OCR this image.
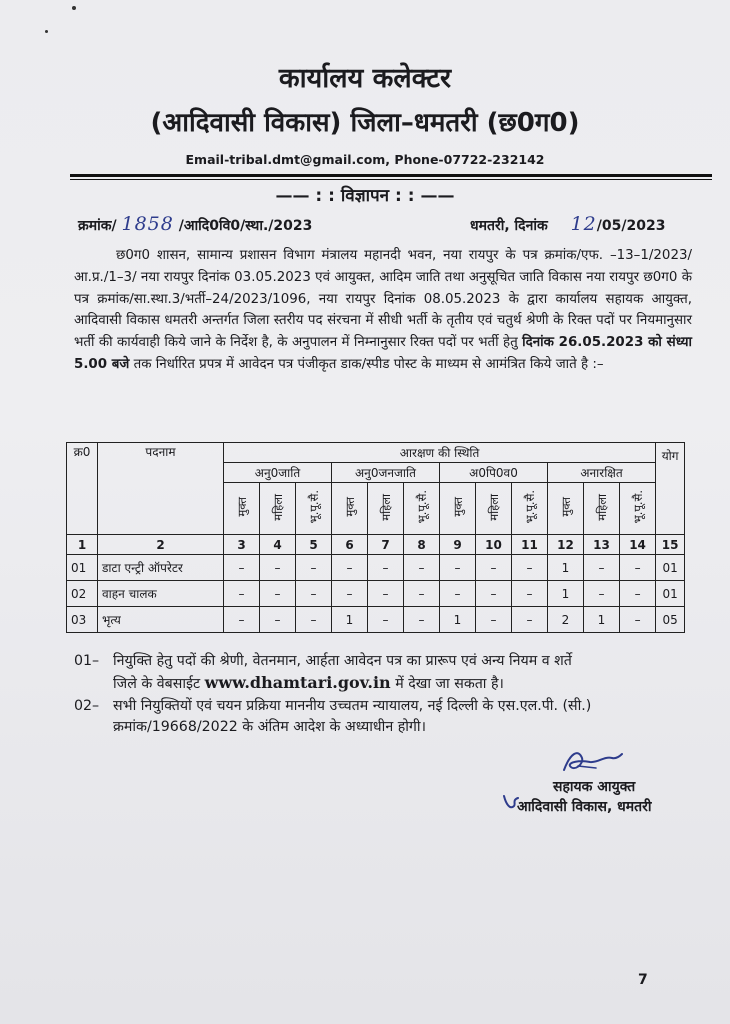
कार्यालय कलेक्टर
(आदिवासी विकास) जिला–धमतरी (छ0ग0)
Email-tribal.dmt@gmail.com, Phone-07722-232142
—— : : विज्ञापन : : ——
क्रमांक/ 1858 /आदि0वि0/स्था./2023	धमतरी, दिनांक 12/05/2023
छ0ग0 शासन, सामान्य प्रशासन विभाग मंत्रालय महानदी भवन, नया रायपुर के पत्र क्रमांक/एफ. –13–1/2023/आ.प्र./1–3/ नया रायपुर दिनांक 03.05.2023 एवं आयुक्त, आदिम जाति तथा अनुसूचित जाति विकास नया रायपुर छ0ग0 के पत्र क्रमांक/सा.स्था.3/भर्ती–24/2023/1096, नया रायपुर दिनांक 08.05.2023 के द्वारा कार्यालय सहायक आयुक्त, आदिवासी विकास धमतरी अन्तर्गत जिला स्तरीय पद संरचना में सीधी भर्ती के तृतीय एवं चतुर्थ श्रेणी के रिक्त पदों पर नियमानुसार भर्ती की कार्यवाही किये जाने के निर्देश है, के अनुपालन में निम्नानुसार रिक्त पदों पर भर्ती हेतु दिनांक 26.05.2023 को संध्या 5.00 बजे तक निर्धारित प्रपत्र में आवेदन पत्र पंजीकृत डाक/स्पीड पोस्ट के माध्यम से आमंत्रित किये जाते है :–
क्र0	पदनाम	आरक्षण की स्थिति												योग
		अनु0जाति			अनु0जनजाति			अ0पि0व0			अनारक्षित			
		मुक्त	महिला	भू.पू.सै.	मुक्त	महिला	भू.पू.सै.	मुक्त	महिला	भू.पू.सै.	मुक्त	महिला	भू.पू.सै.	
1	2	3	4	5	6	7	8	9	10	11	12	13	14	15
01	डाटा एन्ट्री ऑपरेटर	–	–	–	–	–	–	–	–	–	1	–	–	01
02	वाहन चालक	–	–	–	–	–	–	–	–	–	1	–	–	01
03	भृत्य	–	–	–	1	–	–	1	–	–	2	1	–	05
01– नियुक्ति हेतु पदों की श्रेणी, वेतनमान, आर्हता आवेदन पत्र का प्रारूप एवं अन्य नियम व शर्ते
जिले के वेबसाईट www.dhamtari.gov.in में देखा जा सकता है।
02– सभी नियुक्तियों एवं चयन प्रक्रिया माननीय उच्चतम न्यायालय, नई दिल्ली के एस.एल.पी. (सी.)
क्रमांक/19668/2022 के अंतिम आदेश के अध्याधीन होगी।
सहायक आयुक्त
आदिवासी विकास, धमतरी
7
